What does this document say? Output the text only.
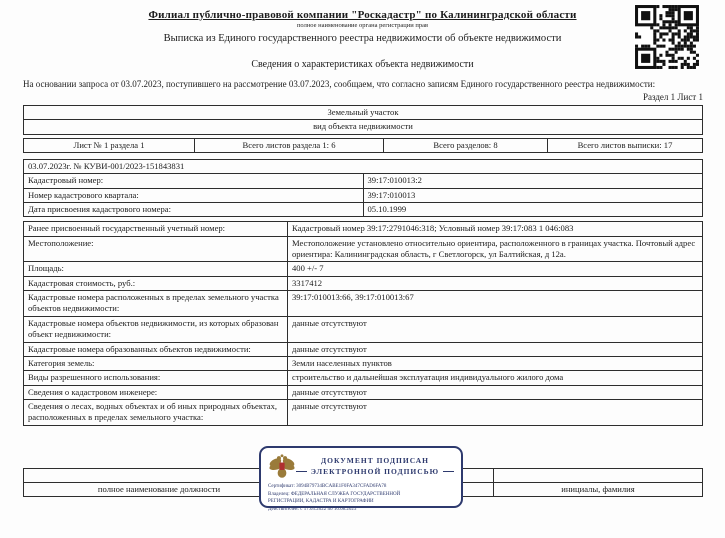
Филиал публично-правовой компании "Роскадастр" по Калининградской области
полное наименование органа регистрации прав
Выписка из Единого государственного реестра недвижимости об объекте недвижимости
Сведения о характеристиках объекта недвижимости
На основании запроса от 03.07.2023, поступившего на рассмотрение 03.07.2023, сообщаем, что согласно записям Единого государственного реестра недвижимости:
Раздел 1 Лист 1
Земельный участок
вид объекта недвижимости
Лист № 1 раздела 1	Всего листов раздела 1: 6	Всего разделов: 8	Всего листов выписки: 17
03.07.2023г. № КУВИ-001/2023-151843831	
Кадастровый номер:	39:17:010013:2
Номер кадастрового квартала:	39:17:010013
Дата присвоения кадастрового номера:	05.10.1999
Ранее присвоенный государственный учетный номер:	Кадастровый номер 39:17:2791046:318; Условный номер 39:17:083 1 046:083
Местоположение:	Местоположение установлено относительно ориентира, расположенного в границах участка. Почтовый адрес ориентира: Калининградская область, г Светлогорск, ул Балтийская, д 12а.
Площадь:	400 +/- 7
Кадастровая стоимость, руб.:	3317412
Кадастровые номера расположенных в пределах земельного участка объектов недвижимости:	39:17:010013:66, 39:17:010013:67
Кадастровые номера объектов недвижимости, из которых образован объект недвижимости:	данные отсутствуют
Кадастровые номера образованных объектов недвижимости:	данные отсутствуют
Категория земель:	Земли населенных пунктов
Виды разрешенного использования:	строительство и дальнейшая эксплуатация индивидуального жилого дома
Сведения о кадастровом инженере:	данные отсутствуют
Сведения о лесах, водных объектах и об иных природных объектах, расположенных в пределах земельного участка:	данные отсутствуют

полное наименование должности		инициалы, фамилия
ДОКУМЕНТ ПОДПИСАН
ЭЛЕКТРОННОЙ ПОДПИСЬЮ
Сертификат: 3094B79734BCABE1F0FA347CFAD6FA78
Владелец: ФЕДЕРАЛЬНАЯ СЛУЖБА ГОСУДАРСТВЕННОЙ
РЕГИСТРАЦИИ, КАДАСТРА И КАРТОГРАФИИ
Действителен: с 17.05.2022 по 10.08.2023
